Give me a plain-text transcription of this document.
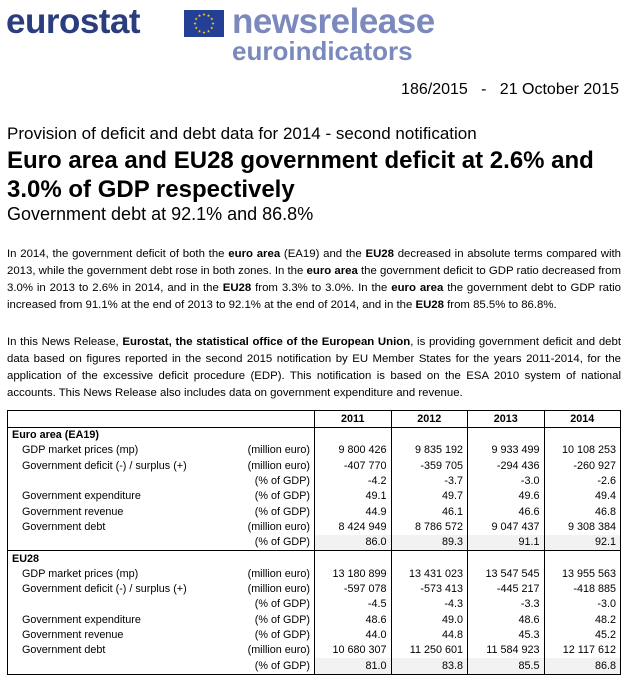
eurostat	newsrelease
euroindicators
186/2015 - 21 October 2015
Provision of deficit and debt data for 2014 - second notification
Euro area and EU28 government deficit at 2.6% and 3.0% of GDP respectively
Government debt at 92.1% and 86.8%
In 2014, the government deficit of both the euro area (EA19) and the EU28 decreased in absolute terms compared with 2013, while the government debt rose in both zones. In the euro area the government deficit to GDP ratio decreased from 3.0% in 2013 to 2.6% in 2014, and in the EU28 from 3.3% to 3.0%. In the euro area the government debt to GDP ratio increased from 91.1% at the end of 2013 to 92.1% at the end of 2014, and in the EU28 from 85.5% to 86.8%.
In this News Release, Eurostat, the statistical office of the European Union, is providing government deficit and debt data based on figures reported in the second 2015 notification by EU Member States for the years 2011-2014, for the application of the excessive deficit procedure (EDP). This notification is based on the ESA 2010 system of national accounts. This News Release also includes data on government expenditure and revenue.
		2011	2012	2013	2014
Euro area (EA19)					
GDP market prices (mp)	(million euro)	9 800 426	9 835 192	9 933 499	10 108 253
Government deficit (-) / surplus (+)	(million euro)	-407 770	-359 705	-294 436	-260 927
	(% of GDP)	-4.2	-3.7	-3.0	-2.6
Government expenditure	(% of GDP)	49.1	49.7	49.6	49.4
Government revenue	(% of GDP)	44.9	46.1	46.6	46.8
Government debt	(million euro)	8 424 949	8 786 572	9 047 437	9 308 384
	(% of GDP)	86.0	89.3	91.1	92.1
EU28					
GDP market prices (mp)	(million euro)	13 180 899	13 431 023	13 547 545	13 955 563
Government deficit (-) / surplus (+)	(million euro)	-597 078	-573 413	-445 217	-418 885
	(% of GDP)	-4.5	-4.3	-3.3	-3.0
Government expenditure	(% of GDP)	48.6	49.0	48.6	48.2
Government revenue	(% of GDP)	44.0	44.8	45.3	45.2
Government debt	(million euro)	10 680 307	11 250 601	11 584 923	12 117 612
	(% of GDP)	81.0	83.8	85.5	86.8
